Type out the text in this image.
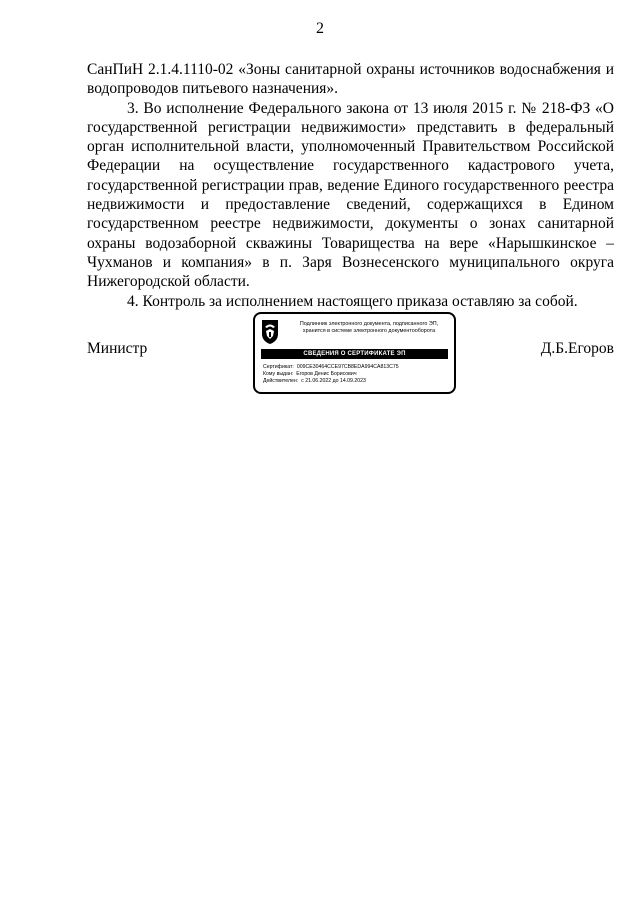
2

СанПиН 2.1.4.1110-02 «Зоны санитарной охраны источников водоснабжения и водопроводов питьевого назначения».

3. Во исполнение Федерального закона от 13 июля 2015 г. № 218-ФЗ «О государственной регистрации недвижимости» представить в федеральный орган исполнительной власти, уполномоченный Правительством Российской Федерации на осуществление государственного кадастрового учета, государственной регистрации прав, ведение Единого государственного реестра недвижимости и предоставление сведений, содержащихся в Едином государственном реестре недвижимости, документы о зонах санитарной охраны водозаборной скважины Товарищества на вере «Нарышкинское – Чухманов и компания» в п. Заря Вознесенского муниципального округа Нижегородской области.

4. Контроль за исполнением настоящего приказа оставляю за собой.

Министр	Д.Б.Егоров
Подлинник электронного документа, подписанного ЭП,
хранится в системе электронного документооборота
СВЕДЕНИЯ О СЕРТИФИКАТЕ ЭП
Сертификат: 009CE30464CCE97CB8EDA994CA813C75
Кому выдан: Егоров Денис Борисович
Действителен: с 21.06.2022 до 14.09.2023
